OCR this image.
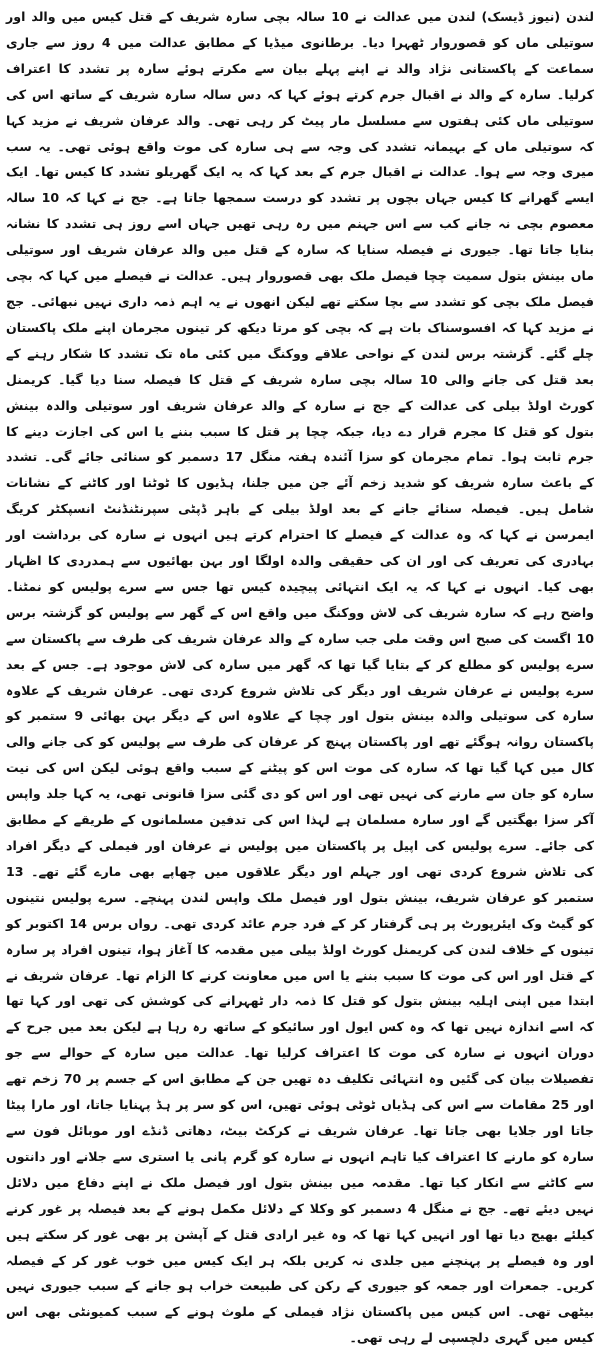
لندن (نیوز ڈیسک) لندن میں عدالت نے 10 سالہ بچی سارہ شریف کے قتل کیس میں والد اور سوتیلی ماں کو قصوروار ٹھہرا دیا۔ برطانوی میڈیا کے مطابق عدالت میں 4 روز سے جاری سماعت کے پاکستانی نژاد والد نے اپنے پہلے بیان سے مکرتے ہوئے سارہ پر تشدد کا اعتراف کرلیا۔ سارہ کے والد نے اقبال جرم کرتے ہوئے کہا کہ دس سالہ سارہ شریف کے ساتھ اس کی سوتیلی ماں کئی ہفتوں سے مسلسل مار پیٹ کر رہی تھی۔ والد عرفان شریف نے مزید کہا کہ سوتیلی ماں کے بہیمانہ تشدد کی وجہ سے ہی سارہ کی موت واقع ہوئی تھی۔ یہ سب میری وجہ سے ہوا۔ عدالت نے اقبال جرم کے بعد کہا کہ یہ ایک گھریلو تشدد کا کیس تھا۔ ایک ایسے گھرانے کا کیس جہاں بچوں پر تشدد کو درست سمجھا جاتا ہے۔ جج نے کہا کہ 10 سالہ معصوم بچی نہ جانے کب سے اس جہنم میں رہ رہی تھیں جہاں اسے روز ہی تشدد کا نشانہ بنایا جاتا تھا۔ جیوری نے فیصلہ سنایا کہ سارہ کے قتل میں والد عرفان شریف اور سوتیلی ماں بینش بتول سمیت چچا فیصل ملک بھی قصوروار ہیں۔ عدالت نے فیصلے میں کہا کہ بچی فیصل ملک بچی کو تشدد سے بچا سکتے تھے لیکن انھوں نے یہ اہم ذمہ داری نہیں نبھائی۔ جج نے مزید کہا کہ افسوسناک بات ہے کہ بچی کو مرتا دیکھ کر تینوں مجرمان اپنے ملک پاکستان چلے گئے۔ گزشتہ برس لندن کے نواحی علاقے ووکنگ میں کئی ماہ تک تشدد کا شکار رہنے کے بعد قتل کی جانے والی 10 سالہ بچی سارہ شریف کے قتل کا فیصلہ سنا دیا گیا۔ کریمنل کورٹ اولڈ بیلی کی عدالت کے جج نے سارہ کے والد عرفان شریف اور سوتیلی والدہ بینش بتول کو قتل کا مجرم قرار دے دیا، جبکہ چچا پر قتل کا سبب بننے یا اس کی اجازت دینے کا جرم ثابت ہوا۔ تمام مجرمان کو سزا آئندہ ہفتہ منگل 17 دسمبر کو سنائی جائے گی۔ تشدد کے باعث سارہ شریف کو شدید زخم آئے جن میں جلنا، ہڈیوں کا ٹوٹنا اور کاٹنے کے نشانات شامل ہیں۔ فیصلہ سنائے جانے کے بعد اولڈ بیلی کے باہر ڈپٹی سپرنٹنڈنٹ انسپکٹر کریگ ایمرسن نے کہا کہ وہ عدالت کے فیصلے کا احترام کرتے ہیں انہوں نے سارہ کی برداشت اور بہادری کی تعریف کی اور ان کی حقیقی والدہ اولگا اور بہن بھائیوں سے ہمدردی کا اظہار بھی کیا۔ انہوں نے کہا کہ یہ ایک انتہائی پیچیدہ کیس تھا جس سے سرے پولیس کو نمٹنا۔ واضح رہے کہ سارہ شریف کی لاش ووکنگ میں واقع اس کے گھر سے پولیس کو گزشتہ برس 10 اگست کی صبح اس وقت ملی جب سارہ کے والد عرفان شریف کی طرف سے پاکستان سے سرے پولیس کو مطلع کر کے بتایا گیا تھا کہ گھر میں سارہ کی لاش موجود ہے۔ جس کے بعد سرے پولیس نے عرفان شریف اور دیگر کی تلاش شروع کردی تھی۔ عرفان شریف کے علاوہ سارہ کی سوتیلی والدہ بینش بتول اور چچا کے علاوہ اس کے دیگر بہن بھائی 9 ستمبر کو پاکستان روانہ ہوگئے تھے اور پاکستان پہنچ کر عرفان کی طرف سے پولیس کو کی جانے والی کال میں کہا گیا تھا کہ سارہ کی موت اس کو پیٹنے کے سبب واقع ہوئی لیکن اس کی نیت سارہ کو جان سے مارنے کی نہیں تھی اور اس کو دی گئی سزا قانونی تھی، یہ کہا جلد واپس آکر سزا بھگتیں گے اور سارہ مسلمان ہے لہذا اس کی تدفین مسلمانوں کے طریقے کے مطابق کی جائے۔ سرے پولیس کی اپیل پر پاکستان میں پولیس نے عرفان اور فیملی کے دیگر افراد کی تلاش شروع کردی تھی اور جہلم اور دیگر علاقوں میں چھاپے بھی مارے گئے تھے۔ 13 ستمبر کو عرفان شریف، بینش بتول اور فیصل ملک واپس لندن پہنچے۔ سرے پولیس نتینوں کو گیٹ وک ایئرپورٹ پر ہی گرفتار کر کے فرد جرم عائد کردی تھی۔ رواں برس 14 اکتوبر کو تینوں کے خلاف لندن کی کریمنل کورٹ اولڈ بیلی میں مقدمہ کا آغاز ہوا، تینوں افراد پر سارہ کے قتل اور اس کی موت کا سبب بننے یا اس میں معاونت کرنے کا الزام تھا۔ عرفان شریف نے ابتدا میں اپنی اہلیہ بینش بتول کو قتل کا ذمہ دار ٹھہرانے کی کوشش کی تھی اور کہا تھا کہ اسے اندازہ نہیں تھا کہ وہ کس ایول اور سائیکو کے ساتھ رہ رہا ہے لیکن بعد میں جرح کے دوران انہوں نے سارہ کی موت کا اعتراف کرلیا تھا۔ عدالت میں سارہ کے حوالے سے جو تفصیلات بیان کی گئیں وہ انتہائی تکلیف دہ تھیں جن کے مطابق اس کے جسم پر 70 زخم تھے اور 25 مقامات سے اس کی ہڈیاں ٹوٹی ہوئی تھیں، اس کو سر پر ہڈ پہنایا جاتا، اور مارا پیٹا جاتا اور جلایا بھی جاتا تھا۔ عرفان شریف نے کرکٹ بیٹ، دھاتی ڈنڈے اور موبائل فون سے سارہ کو مارنے کا اعتراف کیا تاہم انہوں نے سارہ کو گرم پانی یا استری سے جلانے اور دانتوں سے کاٹنے سے انکار کیا تھا۔ مقدمہ میں بینش بتول اور فیصل ملک نے اپنے دفاع میں دلائل نہیں دیئے تھے۔ جج نے منگل 4 دسمبر کو وکلا کے دلائل مکمل ہونے کے بعد فیصلہ پر غور کرنے کیلئے بھیج دیا تھا اور انہیں کہا تھا کہ وہ غیر ارادی قتل کے آپشن پر بھی غور کر سکتے ہیں اور وہ فیصلے پر پہنچنے میں جلدی نہ کریں بلکہ ہر ایک کیس میں خوب غور کر کے فیصلہ کریں۔ جمعرات اور جمعہ کو جیوری کے رکن کی طبیعت خراب ہو جانے کے سبب جیوری نہیں بیٹھی تھی۔ اس کیس میں پاکستان نژاد فیملی کے ملوث ہونے کے سبب کمیونٹی بھی اس کیس میں گہری دلچسپی لے رہی تھی۔
